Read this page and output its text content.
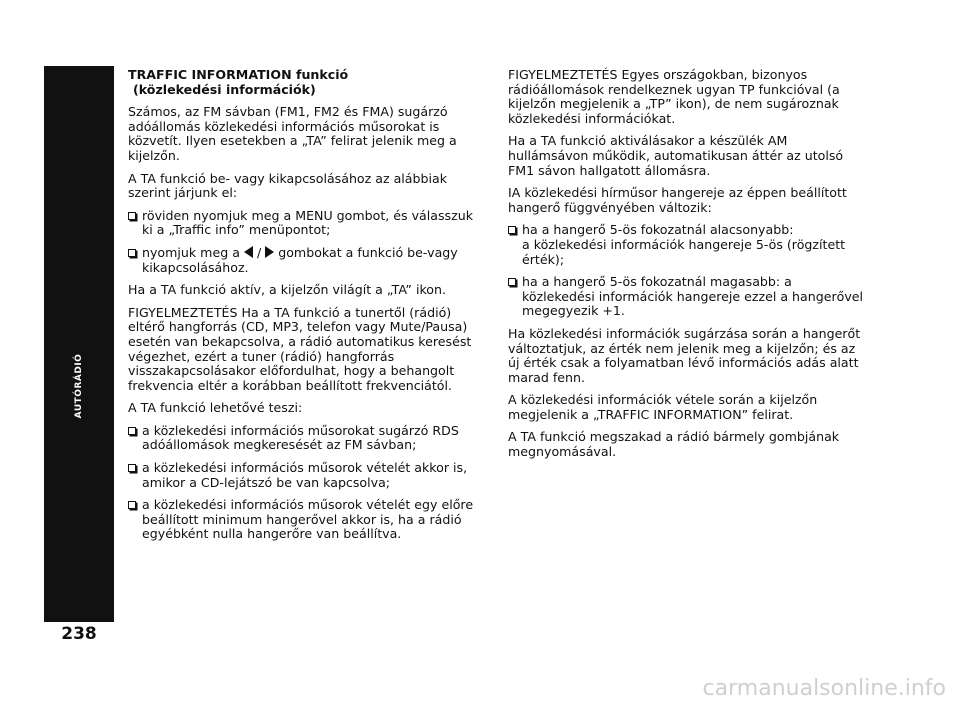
AUTÓRÁDIÓ
238
TRAFFIC INFORMATION funkció
(közlekedési információk)

Számos, az FM sávban (FM1, FM2 és FMA) sugárzó adóállomás közlekedési információs műsorokat is közvetít. Ilyen esetekben a „TA” felirat jelenik meg a kijelzőn.

A TA funkció be- vagy kikapcsolásához az alábbiak szerint járjunk el:

röviden nyomjuk meg a MENU gombot, és válasszuk ki a „Traffic info” menüpontot;
nyomjuk meg a / gombokat a funkció be-vagy kikapcsolásához.

Ha a TA funkció aktív, a kijelzőn világít a „TA” ikon.

FIGYELMEZTETÉS Ha a TA funkció a tunertől (rádió) eltérő hangforrás (CD, MP3, telefon vagy Mute/Pausa) esetén van bekapcsolva, a rádió automatikus keresést végezhet, ezért a tuner (rádió) hangforrás visszakapcsolásakor előfordulhat, hogy a behangolt frekvencia eltér a korábban beállított frekvenciától.

A TA funkció lehetővé teszi:

a közlekedési információs műsorokat sugárzó RDS adóállomások megkeresését az FM sávban;
a közlekedési információs műsorok vételét akkor is, amikor a CD-lejátszó be van kapcsolva;
a közlekedési információs műsorok vételét egy előre beállított minimum hangerővel akkor is, ha a rádió egyébként nulla hangerőre van beállítva.

FIGYELMEZTETÉS Egyes országokban, bizonyos rádióállomások rendelkeznek ugyan TP funkcióval (a kijelzőn megjelenik a „TP” ikon), de nem sugároznak közlekedési információkat.

Ha a TA funkció aktiválásakor a készülék AM hullámsávon működik, automatikusan áttér az utolsó FM1 sávon hallgatott állomásra.

IA közlekedési hírműsor hangereje az éppen beállított hangerő függvényében változik:

ha a hangerő 5-ös fokozatnál alacsonyabb:
a közlekedési információk hangereje 5-ös (rögzített érték);
ha a hangerő 5-ös fokozatnál magasabb: a közlekedési információk hangereje ezzel a hangerővel megegyezik +1.

Ha közlekedési információk sugárzása során a hangerőt változtatjuk, az érték nem jelenik meg a kijelzőn; és az új érték csak a folyamatban lévő információs adás alatt marad fenn.

A közlekedési információk vétele során a kijelzőn megjelenik a „TRAFFIC INFORMATION” felirat.

A TA funkció megszakad a rádió bármely gombjának megnyomásával.

carmanualsonline.info
